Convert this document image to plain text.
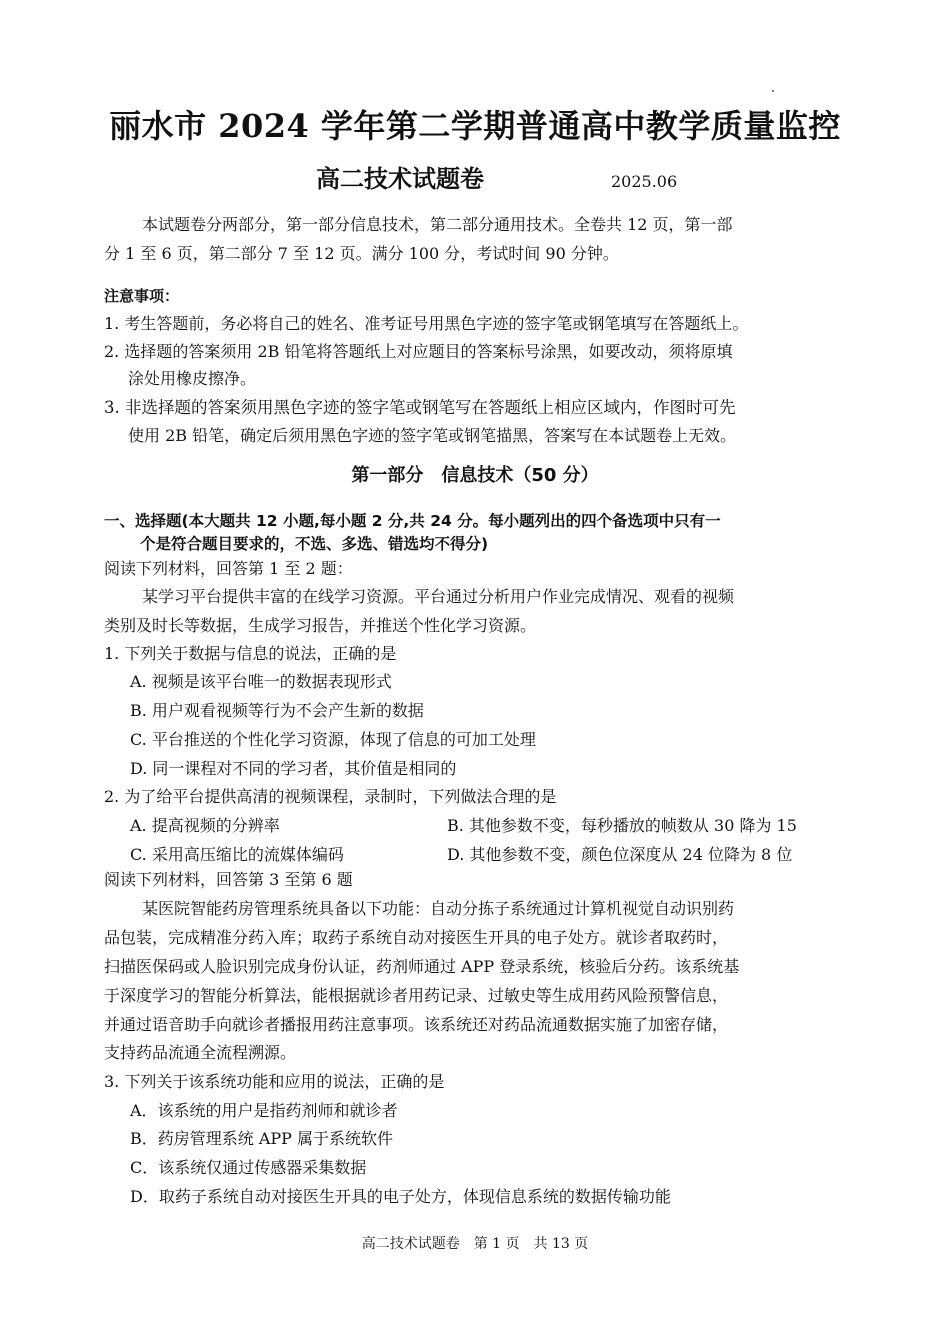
丽水市 2024 学年第二学期普通高中教学质量监控
高二技术试题卷	2025.06
本试题卷分两部分，第一部分信息技术，第二部分通用技术。全卷共 12 页，第一部
分 1 至 6 页，第二部分 7 至 12 页。满分 100 分，考试时间 90 分钟。
注意事项：
1. 考生答题前，务必将自己的姓名、准考证号用黑色字迹的签字笔或钢笔填写在答题纸上。
2. 选择题的答案须用 2B 铅笔将答题纸上对应题目的答案标号涂黑，如要改动，须将原填
涂处用橡皮擦净。
3. 非选择题的答案须用黑色字迹的签字笔或钢笔写在答题纸上相应区域内，作图时可先
使用 2B 铅笔，确定后须用黑色字迹的签字笔或钢笔描黑，答案写在本试题卷上无效。
第一部分　信息技术（50 分）
一、选择题(本大题共 12 小题,每小题 2 分,共 24 分。每小题列出的四个备选项中只有一
个是符合题目要求的，不选、多选、错选均不得分)
阅读下列材料，回答第 1 至 2 题：
某学习平台提供丰富的在线学习资源。平台通过分析用户作业完成情况、观看的视频
类别及时长等数据，生成学习报告，并推送个性化学习资源。
1. 下列关于数据与信息的说法，正确的是
A. 视频是该平台唯一的数据表现形式
B. 用户观看视频等行为不会产生新的数据
C. 平台推送的个性化学习资源，体现了信息的可加工处理
D. 同一课程对不同的学习者，其价值是相同的
2. 为了给平台提供高清的视频课程，录制时，下列做法合理的是
A. 提高视频的分辨率	B. 其他参数不变，每秒播放的帧数从 30 降为 15
C. 采用高压缩比的流媒体编码	D. 其他参数不变，颜色位深度从 24 位降为 8 位
阅读下列材料，回答第 3 至第 6 题
某医院智能药房管理系统具备以下功能：自动分拣子系统通过计算机视觉自动识别药
品包装，完成精准分药入库；取药子系统自动对接医生开具的电子处方。就诊者取药时，
扫描医保码或人脸识别完成身份认证，药剂师通过 APP 登录系统，核验后分药。该系统基
于深度学习的智能分析算法，能根据就诊者用药记录、过敏史等生成用药风险预警信息，
并通过语音助手向就诊者播报用药注意事项。该系统还对药品流通数据实施了加密存储，
支持药品流通全流程溯源。
3. 下列关于该系统功能和应用的说法，正确的是
A．该系统的用户是指药剂师和就诊者
B．药房管理系统 APP 属于系统软件
C．该系统仅通过传感器采集数据
D．取药子系统自动对接医生开具的电子处方，体现信息系统的数据传输功能
高二技术试题卷　第 1 页　共 13 页
